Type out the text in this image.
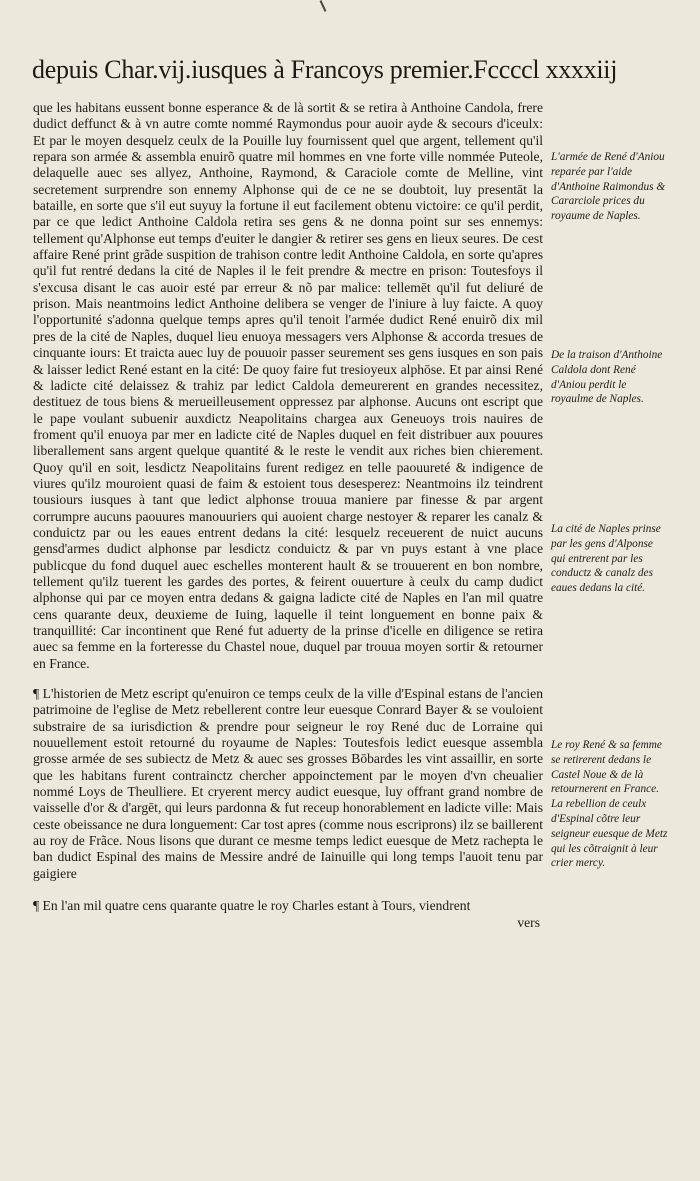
depuis Char.vij.iusques à Francoys premier.Fccccl xxxxiij

que les habitans eussent bonne esperance & de là sortit & se retira à Anthoine Candola, frere dudict deffunct & à vn autre comte nommé Raymondus pour auoir ayde & secours d'iceulx: Et par le moyen desquelz ceulx de la Pouille luy fournissent quel que argent, tellement qu'il repara son armée & assembla enuirõ quatre mil hommes en vne forte ville nommée Puteole, delaquelle auec ses allyez, Anthoine, Raymond, & Caraciole comte de Melline, vint secretement surprendre son ennemy Alphonse qui de ce ne se doubtoit, luy presentāt la bataille, en sorte que s'il eut suyuy la fortune il eut facilement obtenu victoire: ce qu'il perdit, par ce que ledict Anthoine Caldola retira ses gens & ne donna point sur ses ennemys: tellement qu'Alphonse eut temps d'euiter le dangier & retirer ses gens en lieux seures. De cest affaire René print grãde suspition de trahison contre ledit Anthoine Caldola, en sorte qu'apres qu'il fut rentré dedans la cité de Naples il le feit prendre & mectre en prison: Toutesfoys il s'excusa disant le cas auoir esté par erreur & nõ par malice: tellemēt qu'il fut deliuré de prison. Mais neantmoins ledict Anthoine delibera se venger de l'iniure à luy faicte. A quoy l'opportunité s'adonna quelque temps apres qu'il tenoit l'armée dudict René enuirõ dix mil pres de la cité de Naples, duquel lieu enuoya messagers vers Alphonse & accorda tresues de cinquante iours: Et traicta auec luy de pouuoir passer seurement ses gens iusques en son pais & laisser ledict René estant en la cité: De quoy faire fut tresioyeux alphōse. Et par ainsi René & ladicte cité delaissez & trahiz par ledict Caldola demeurerent en grandes necessitez, destituez de tous biens & merueilleusement oppressez par alphonse. Aucuns ont escript que le pape voulant subuenir auxdictz Neapolitains chargea aux Geneuoys trois nauires de froment qu'il enuoya par mer en ladicte cité de Naples duquel en feit distribuer aux pouures liberallement sans argent quelque quantité & le reste le vendit aux riches bien chierement. Quoy qu'il en soit, lesdictz Neapolitains furent redigez en telle paouureté & indigence de viures qu'ilz mouroient quasi de faim & estoient tous desesperez: Neantmoins ilz teindrent tousiours iusques à tant que ledict alphonse trouua maniere par finesse & par argent corrumpre aucuns paouures manouuriers qui auoient charge nestoyer & reparer les canalz & conduictz par ou les eaues entrent dedans la cité: lesquelz receuerent de nuict aucuns gensd'armes dudict alphonse par lesdictz conduictz & par vn puys estant à vne place publicque du fond duquel auec eschelles monterent hault & se trouuerent en bon nombre, tellement qu'ilz tuerent les gardes des portes, & feirent ouuerture à ceulx du camp dudict alphonse qui par ce moyen entra dedans & gaigna ladicte cité de Naples en l'an mil quatre cens quarante deux, deuxieme de Iuing, laquelle il teint longuement en bonne paix & tranquillité: Car incontinent que René fut aduerty de la prinse d'icelle en diligence se retira auec sa femme en la forteresse du Chastel noue, duquel par trouua moyen sortir & retourner en France.

¶ L'historien de Metz escript qu'enuiron ce temps ceulx de la ville d'Espinal estans de l'ancien patrimoine de l'eglise de Metz rebellerent contre leur euesque Conrard Bayer & se vouloient substraire de sa iurisdiction & prendre pour seigneur le roy René duc de Lorraine qui nouuellement estoit retourné du royaume de Naples: Toutesfois ledict euesque assembla grosse armée de ses subiectz de Metz & auec ses grosses Bōbardes les vint assaillir, en sorte que les habitans furent contrainctz chercher appoinctement par le moyen d'vn cheualier nommé Loys de Theulliere. Et cryerent mercy audict euesque, luy offrant grand nombre de vaisselle d'or & d'argēt, qui leurs pardonna & fut receup honorablement en ladicte ville: Mais ceste obeissance ne dura longuement: Car tost apres (comme nous escriprons) ilz se baillerent au roy de Frãce. Nous lisons que durant ce mesme temps ledict euesque de Metz rachepta le ban dudict Espinal des mains de Messire andré de Iainuille qui long temps l'auoit tenu par gaigiere

¶ En l'an mil quatre cens quarante quatre le roy Charles estant à Tours, viendrent

vers
L'armée de René d'Aniou reparée par l'aide d'Anthoine Raimondus & Cararciole prices du royaume de Naples.
De la traison d'Anthoine Caldola dont René d'Aniou perdit le royaulme de Naples.
La cité de Naples prinse par les gens d'Alponse qui entrerent par les conductz & canalz des eaues dedans la cité.
Le roy René & sa femme se retirerent dedans le Castel Noue & de là retournerent en France. La rebellion de ceulx d'Espinal cõtre leur seigneur euesque de Metz qui les cõtraignit à leur crier mercy.
